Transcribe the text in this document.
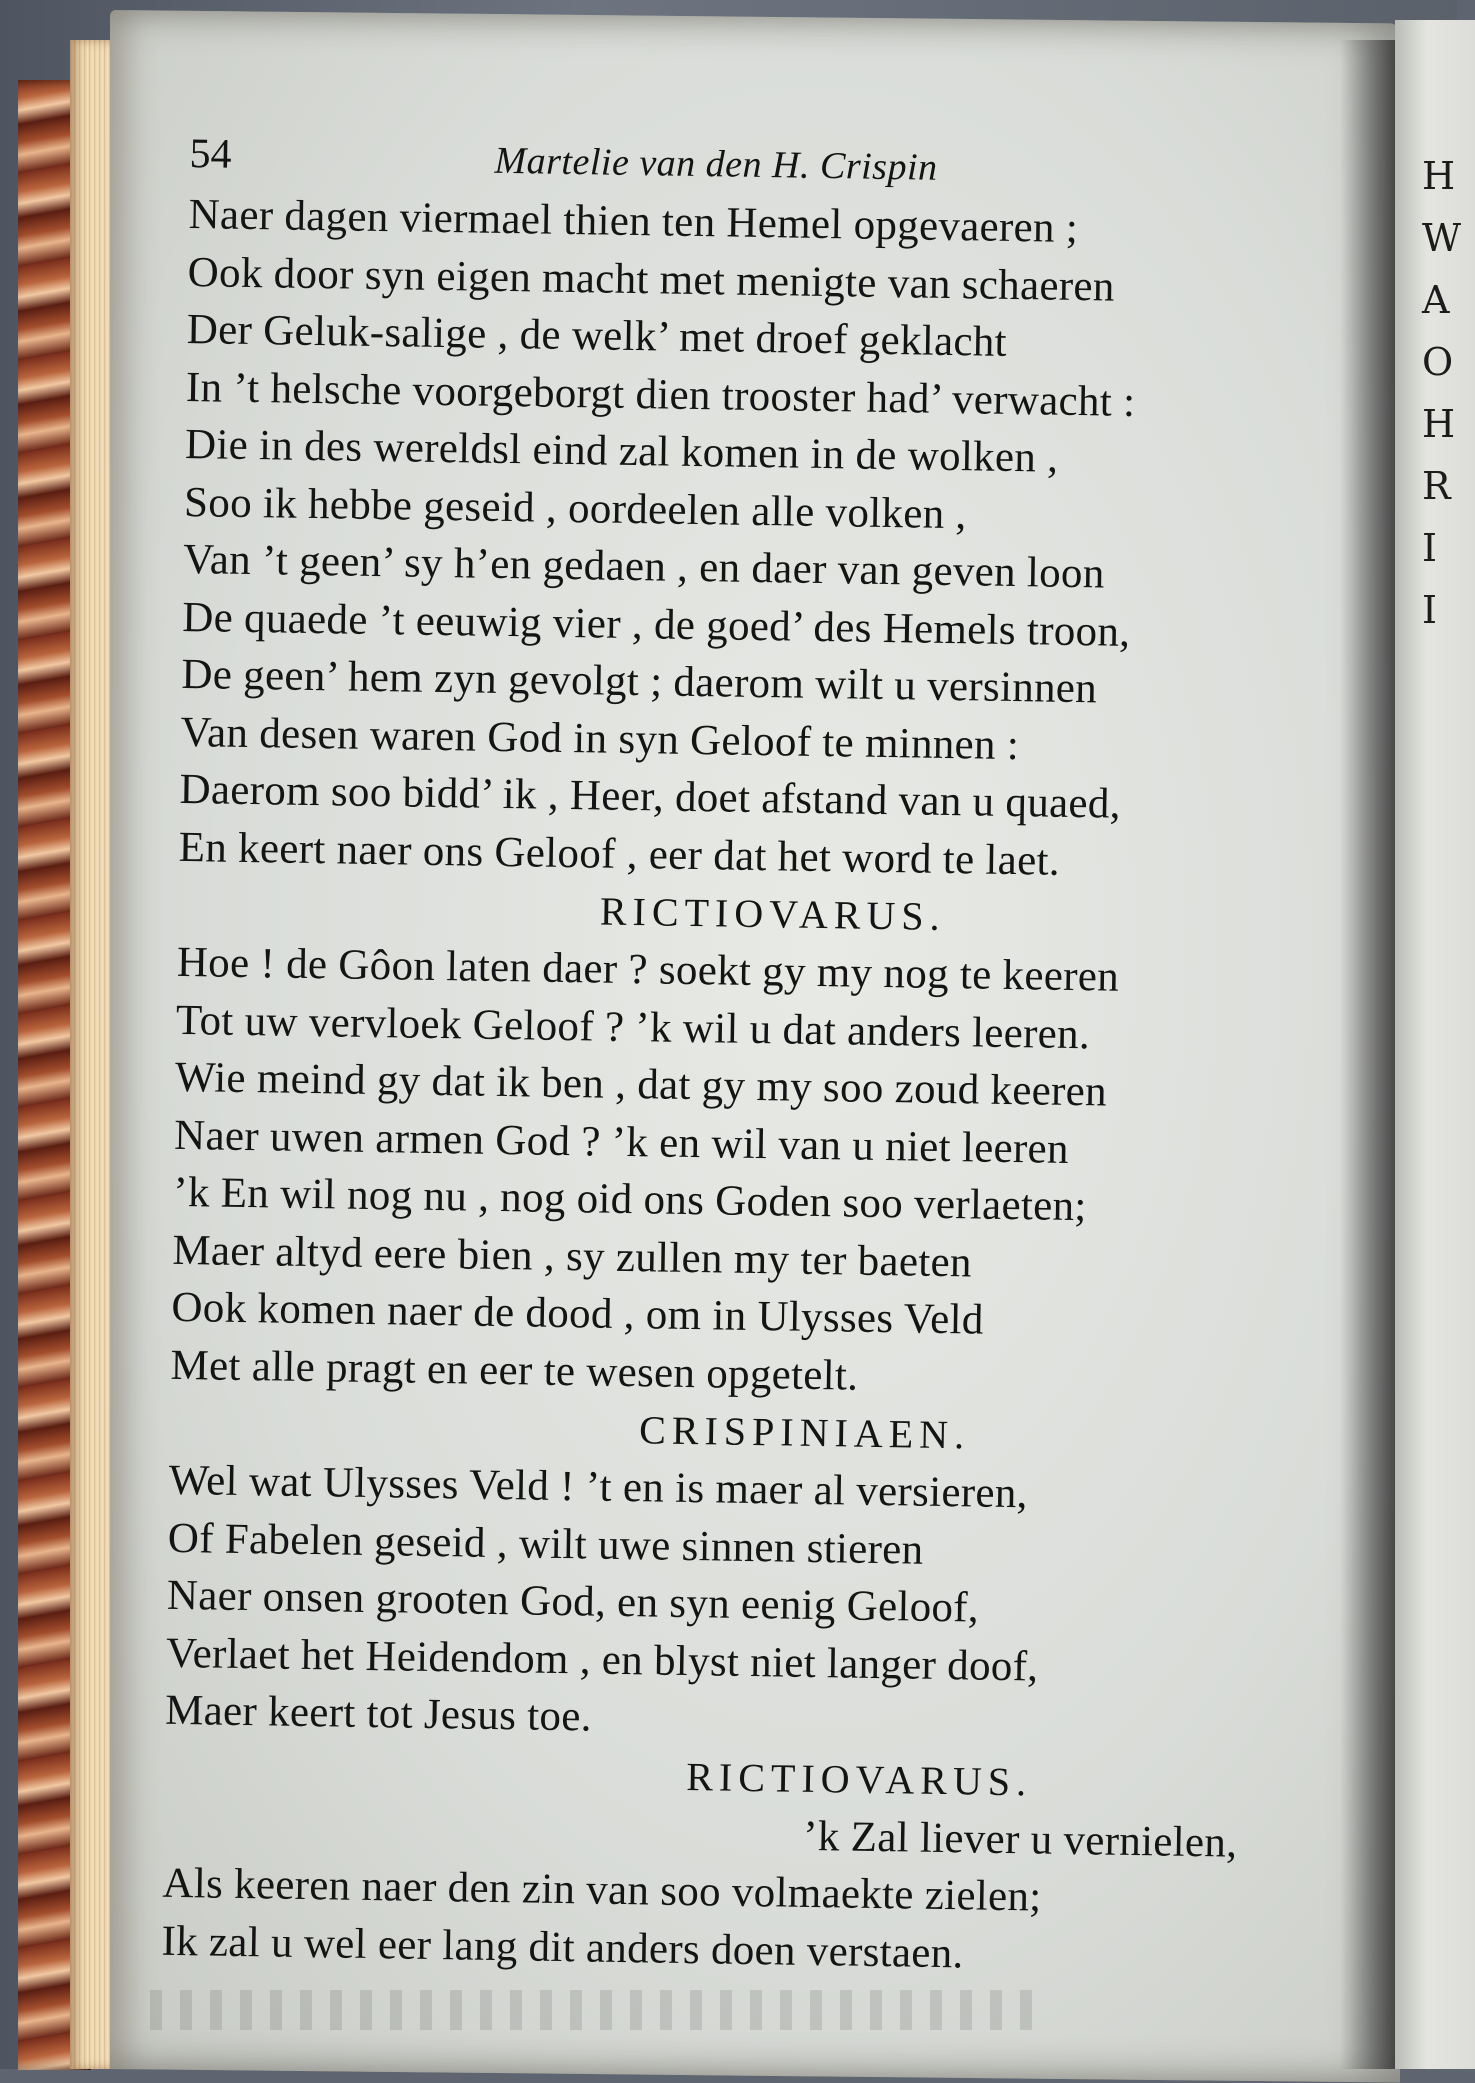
H
W
A
O
H
R
I
I
54	Martelie van den H. Crispin
Naer dagen viermael thien ten Hemel opgevaeren ;
Ook door syn eigen macht met menigte van schaeren
Der Geluk-salige , de welk’ met droef geklacht
In ’t helsche voorgeborgt dien trooster had’ verwacht :
Die in des wereldsl eind zal komen in de wolken ,
Soo ik hebbe geseid , oordeelen alle volken ,
Van ’t geen’ sy h’en gedaen , en daer van geven loon
De quaede ’t eeuwig vier , de goed’ des Hemels troon,
De geen’ hem zyn gevolgt ; daerom wilt u versinnen
Van desen waren God in syn Geloof te minnen :
Daerom soo bidd’ ik , Heer, doet afstand van u quaed,
En keert naer ons Geloof , eer dat het word te laet.
RICTIOVARUS.
Hoe ! de Gôon laten daer ? soekt gy my nog te keeren
Tot uw vervloek Geloof ? ’k wil u dat anders leeren.
Wie meind gy dat ik ben , dat gy my soo zoud keeren
Naer uwen armen God ? ’k en wil van u niet leeren
’k En wil nog nu , nog oid ons Goden soo verlaeten;
Maer altyd eere bien , sy zullen my ter baeten
Ook komen naer de dood , om in Ulysses Veld
Met alle pragt en eer te wesen opgetelt.
CRISPINIAEN.
Wel wat Ulysses Veld ! ’t en is maer al versieren,
Of Fabelen geseid , wilt uwe sinnen stieren
Naer onsen grooten God, en syn eenig Geloof,
Verlaet het Heidendom , en blyst niet langer doof,
Maer keert tot Jesus toe.
RICTIOVARUS.
’k Zal liever u vernielen,
Als keeren naer den zin van soo volmaekte zielen;
Ik zal u wel eer lang dit anders doen verstaen.
